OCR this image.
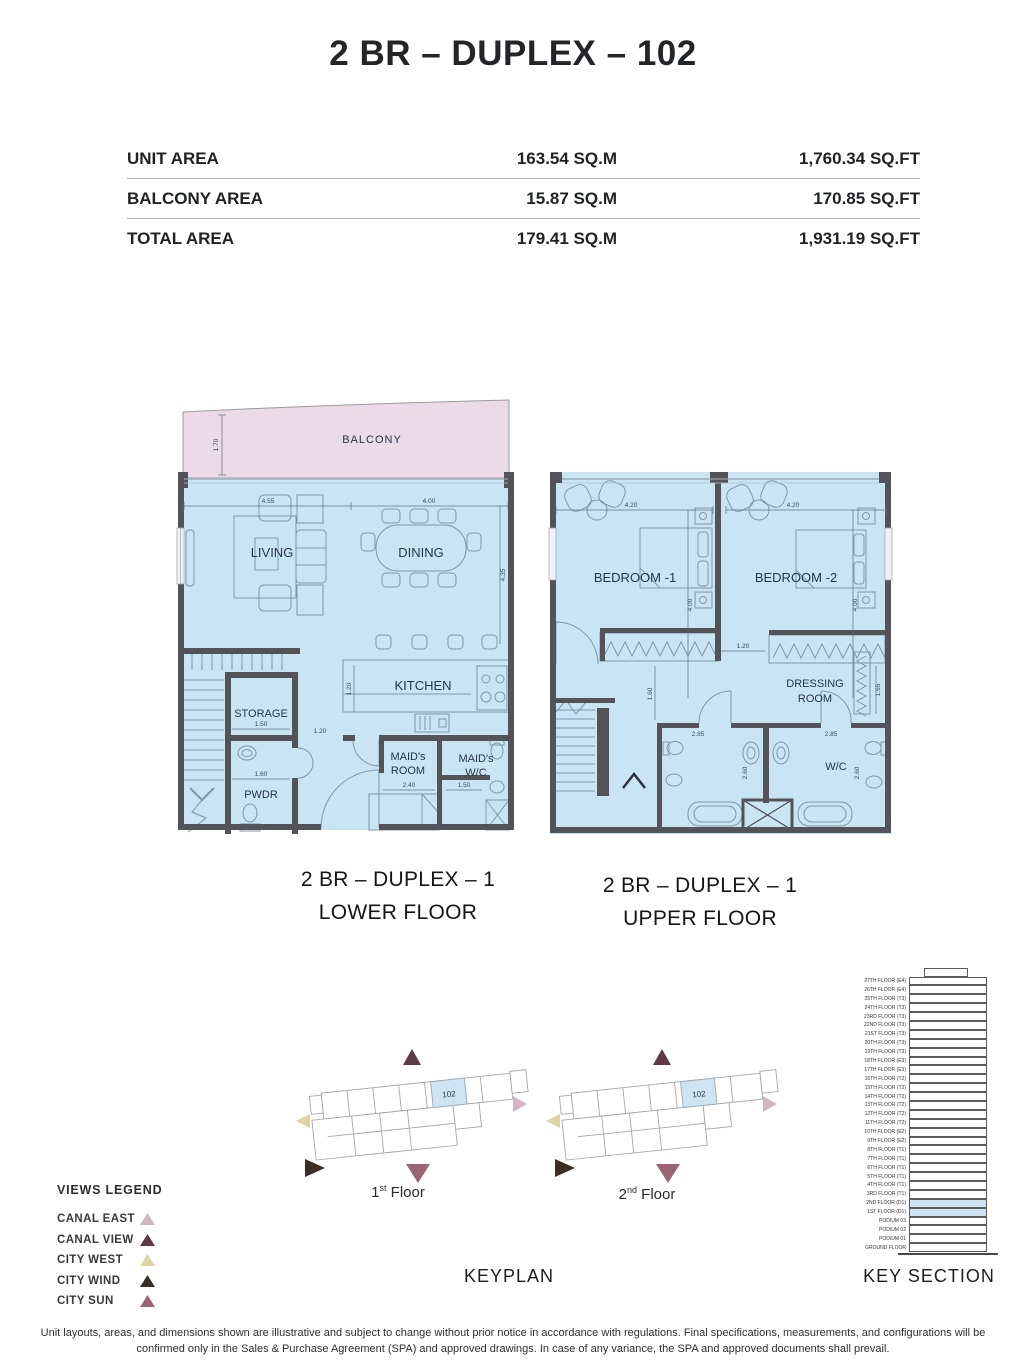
2 BR – DUPLEX – 102
UNIT AREA	163.54 SQ.M	1,760.34 SQ.FT
BALCONY AREA	15.87 SQ.M	170.85 SQ.FT
TOTAL AREA	179.41 SQ.M	1,931.19 SQ.FT
1.70	BALCONY
4.55	4.00
4.35
1.20
1.20
1.50
1.60
2.40	1.50
LIVING	DINING
KITCHEN
STORAGE
PWDR
MAID's
ROOM
MAID's
W/C
4.20	4.20
4.00	4.00
1.20
1.60	1.65
2.85	2.85
2.60	2.60
BEDROOM -1	BEDROOM -2
DRESSING
ROOM
W/C
2 BR – DUPLEX – 1
LOWER FLOOR
2 BR – DUPLEX – 1
UPPER FLOOR
102	102
1st Floor	2nd Floor
KEYPLAN	KEY SECTION
27TH FLOOR (E4)
26TH FLOOR (E4)
25TH FLOOR (T3)
24TH FLOOR (T3)
23RD FLOOR (T3)
22ND FLOOR (T3)
21ST FLOOR (T3)
20TH FLOOR (T3)
19TH FLOOR (T3)
18TH FLOOR (E3)
17TH FLOOR (E3)
16TH FLOOR (T2)
15TH FLOOR (T2)
14TH FLOOR (T2)
13TH FLOOR (T2)
12TH FLOOR (T2)
11TH FLOOR (T2)
10TH FLOOR (E2)
9TH FLOOR (E2)
8TH FLOOR (T1)
7TH FLOOR (T1)
6TH FLOOR (T1)
5TH FLOOR (T1)
4TH FLOOR (T1)
3RD FLOOR (T1)
2ND FLOOR (D1)
1ST FLOOR (D1)
PODIUM 03
PODIUM 02
PODIUM 01
GROUND FLOOR
VIEWS LEGEND
CANAL EAST
CANAL VIEW
CITY WEST
CITY WIND
CITY SUN
Unit layouts, areas, and dimensions shown are illustrative and subject to change without prior notice in accordance with regulations. Final specifications, measurements, and configurations will be confirmed only in the Sales & Purchase Agreement (SPA) and approved drawings. In case of any variance, the SPA and approved documents shall prevail.
